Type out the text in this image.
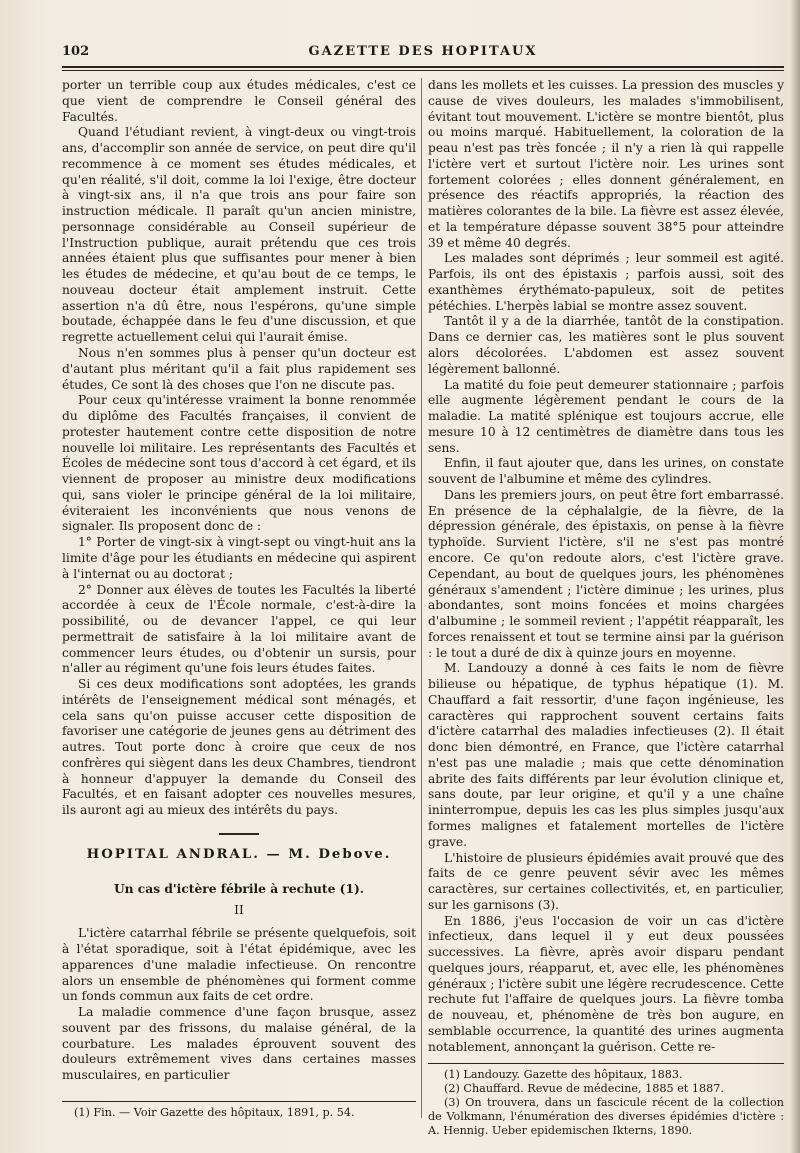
102	GAZETTE DES HOPITAUX

porter un terrible coup aux études médicales, c'est ce que vient de comprendre le Conseil général des Facultés.

Quand l'étudiant revient, à vingt-deux ou vingt-trois ans, d'accomplir son année de service, on peut dire qu'il recommence à ce moment ses études médicales, et qu'en réalité, s'il doit, comme la loi l'exige, être docteur à vingt-six ans, il n'a que trois ans pour faire son instruction médicale. Il paraît qu'un ancien ministre, personnage considérable au Conseil supérieur de l'Instruction publique, aurait prétendu que ces trois années étaient plus que suffisantes pour mener à bien les études de médecine, et qu'au bout de ce temps, le nouveau docteur était amplement instruit. Cette assertion n'a dû être, nous l'espérons, qu'une simple boutade, échappée dans le feu d'une discussion, et que regrette actuellement celui qui l'aurait émise.

Nous n'en sommes plus à penser qu'un docteur est d'autant plus méritant qu'il a fait plus rapidement ses études, Ce sont là des choses que l'on ne discute pas.

Pour ceux qu'intéresse vraiment la bonne renommée du diplôme des Facultés françaises, il convient de protester hautement contre cette disposition de notre nouvelle loi militaire. Les représentants des Facultés et Écoles de médecine sont tous d'accord à cet égard, et ils viennent de proposer au ministre deux modifications qui, sans violer le principe général de la loi militaire, éviteraient les inconvénients que nous venons de signaler. Ils proposent donc de :

1° Porter de vingt-six à vingt-sept ou vingt-huit ans la limite d'âge pour les étudiants en médecine qui aspirent à l'internat ou au doctorat ;

2° Donner aux élèves de toutes les Facultés la liberté accordée à ceux de l'École normale, c'est-à-dire la possibilité, ou de devancer l'appel, ce qui leur permettrait de satisfaire à la loi militaire avant de commencer leurs études, ou d'obtenir un sursis, pour n'aller au régiment qu'une fois leurs études faites.

Si ces deux modifications sont adoptées, les grands intérêts de l'enseignement médical sont ménagés, et cela sans qu'on puisse accuser cette disposition de favoriser une catégorie de jeunes gens au détriment des autres. Tout porte donc à croire que ceux de nos confrères qui siègent dans les deux Chambres, tiendront à honneur d'appuyer la demande du Conseil des Facultés, et en faisant adopter ces nouvelles mesures, ils auront agi au mieux des intérêts du pays.

HOPITAL ANDRAL. — M. Debove.
Un cas d'ictère fébrile à rechute (1).
II

L'ictère catarrhal fébrile se présente quelquefois, soit à l'état sporadique, soit à l'état épidémique, avec les apparences d'une maladie infectieuse. On rencontre alors un ensemble de phénomènes qui forment comme un fonds commun aux faits de cet ordre.

La maladie commence d'une façon brusque, assez souvent par des frissons, du malaise général, de la courbature. Les malades éprouvent souvent des douleurs extrêmement vives dans certaines masses musculaires, en particulier

(1) Fin. — Voir Gazette des hôpitaux, 1891, p. 54.

dans les mollets et les cuisses. La pression des muscles y cause de vives douleurs, les malades s'immobilisent, évitant tout mouvement. L'ictère se montre bientôt, plus ou moins marqué. Habituellement, la coloration de la peau n'est pas très foncée ; il n'y a rien là qui rappelle l'ictère vert et surtout l'ictère noir. Les urines sont fortement colorées ; elles donnent généralement, en présence des réactifs appropriés, la réaction des matières colorantes de la bile. La fièvre est assez élevée, et la température dépasse souvent 38°5 pour atteindre 39 et même 40 degrés.

Les malades sont déprimés ; leur sommeil est agité. Parfois, ils ont des épistaxis ; parfois aussi, soit des exanthèmes érythémato-papuleux, soit de petites pétéchies. L'herpès labial se montre assez souvent.

Tantôt il y a de la diarrhée, tantôt de la constipation. Dans ce dernier cas, les matières sont le plus souvent alors décolorées. L'abdomen est assez souvent légèrement ballonné.

La matité du foie peut demeurer stationnaire ; parfois elle augmente légèrement pendant le cours de la maladie. La matité splénique est toujours accrue, elle mesure 10 à 12 centimètres de diamètre dans tous les sens.

Enfin, il faut ajouter que, dans les urines, on constate souvent de l'albumine et même des cylindres.

Dans les premiers jours, on peut être fort embarrassé. En présence de la céphalalgie, de la fièvre, de la dépression générale, des épistaxis, on pense à la fièvre typhoïde. Survient l'ictère, s'il ne s'est pas montré encore. Ce qu'on redoute alors, c'est l'ictère grave. Cependant, au bout de quelques jours, les phénomènes généraux s'amendent ; l'ictère diminue ; les urines, plus abondantes, sont moins foncées et moins chargées d'albumine ; le sommeil revient ; l'appétit réapparaît, les forces renaissent et tout se termine ainsi par la guérison : le tout a duré de dix à quinze jours en moyenne.

M. Landouzy a donné à ces faits le nom de fièvre bilieuse ou hépatique, de typhus hépatique (1). M. Chauffard a fait ressortir, d'une façon ingénieuse, les caractères qui rapprochent souvent certains faits d'ictère catarrhal des maladies infectieuses (2). Il était donc bien démontré, en France, que l'ictère catarrhal n'est pas une maladie ; mais que cette dénomination abrite des faits différents par leur évolution clinique et, sans doute, par leur origine, et qu'il y a une chaîne ininterrompue, depuis les cas les plus simples jusqu'aux formes malignes et fatalement mortelles de l'ictère grave.

L'histoire de plusieurs épidémies avait prouvé que des faits de ce genre peuvent sévir avec les mêmes caractères, sur certaines collectivités, et, en particulier, sur les garnisons (3).

En 1886, j'eus l'occasion de voir un cas d'ictère infectieux, dans lequel il y eut deux poussées successives. La fièvre, après avoir disparu pendant quelques jours, réapparut, et, avec elle, les phénomènes généraux ; l'ictère subit une légère recrudescence. Cette rechute fut l'affaire de quelques jours. La fièvre tomba de nouveau, et, phénomène de très bon augure, en semblable occurrence, la quantité des urines augmenta notablement, annonçant la guérison. Cette re-

(1) Landouzy. Gazette des hôpitaux, 1883.

(2) Chauffard. Revue de médecine, 1885 et 1887.

(3) On trouvera, dans un fascicule récent de la collection de Volkmann, l'énumération des diverses épidémies d'ictère : A. Hennig. Ueber epidemischen Ikterns, 1890.
